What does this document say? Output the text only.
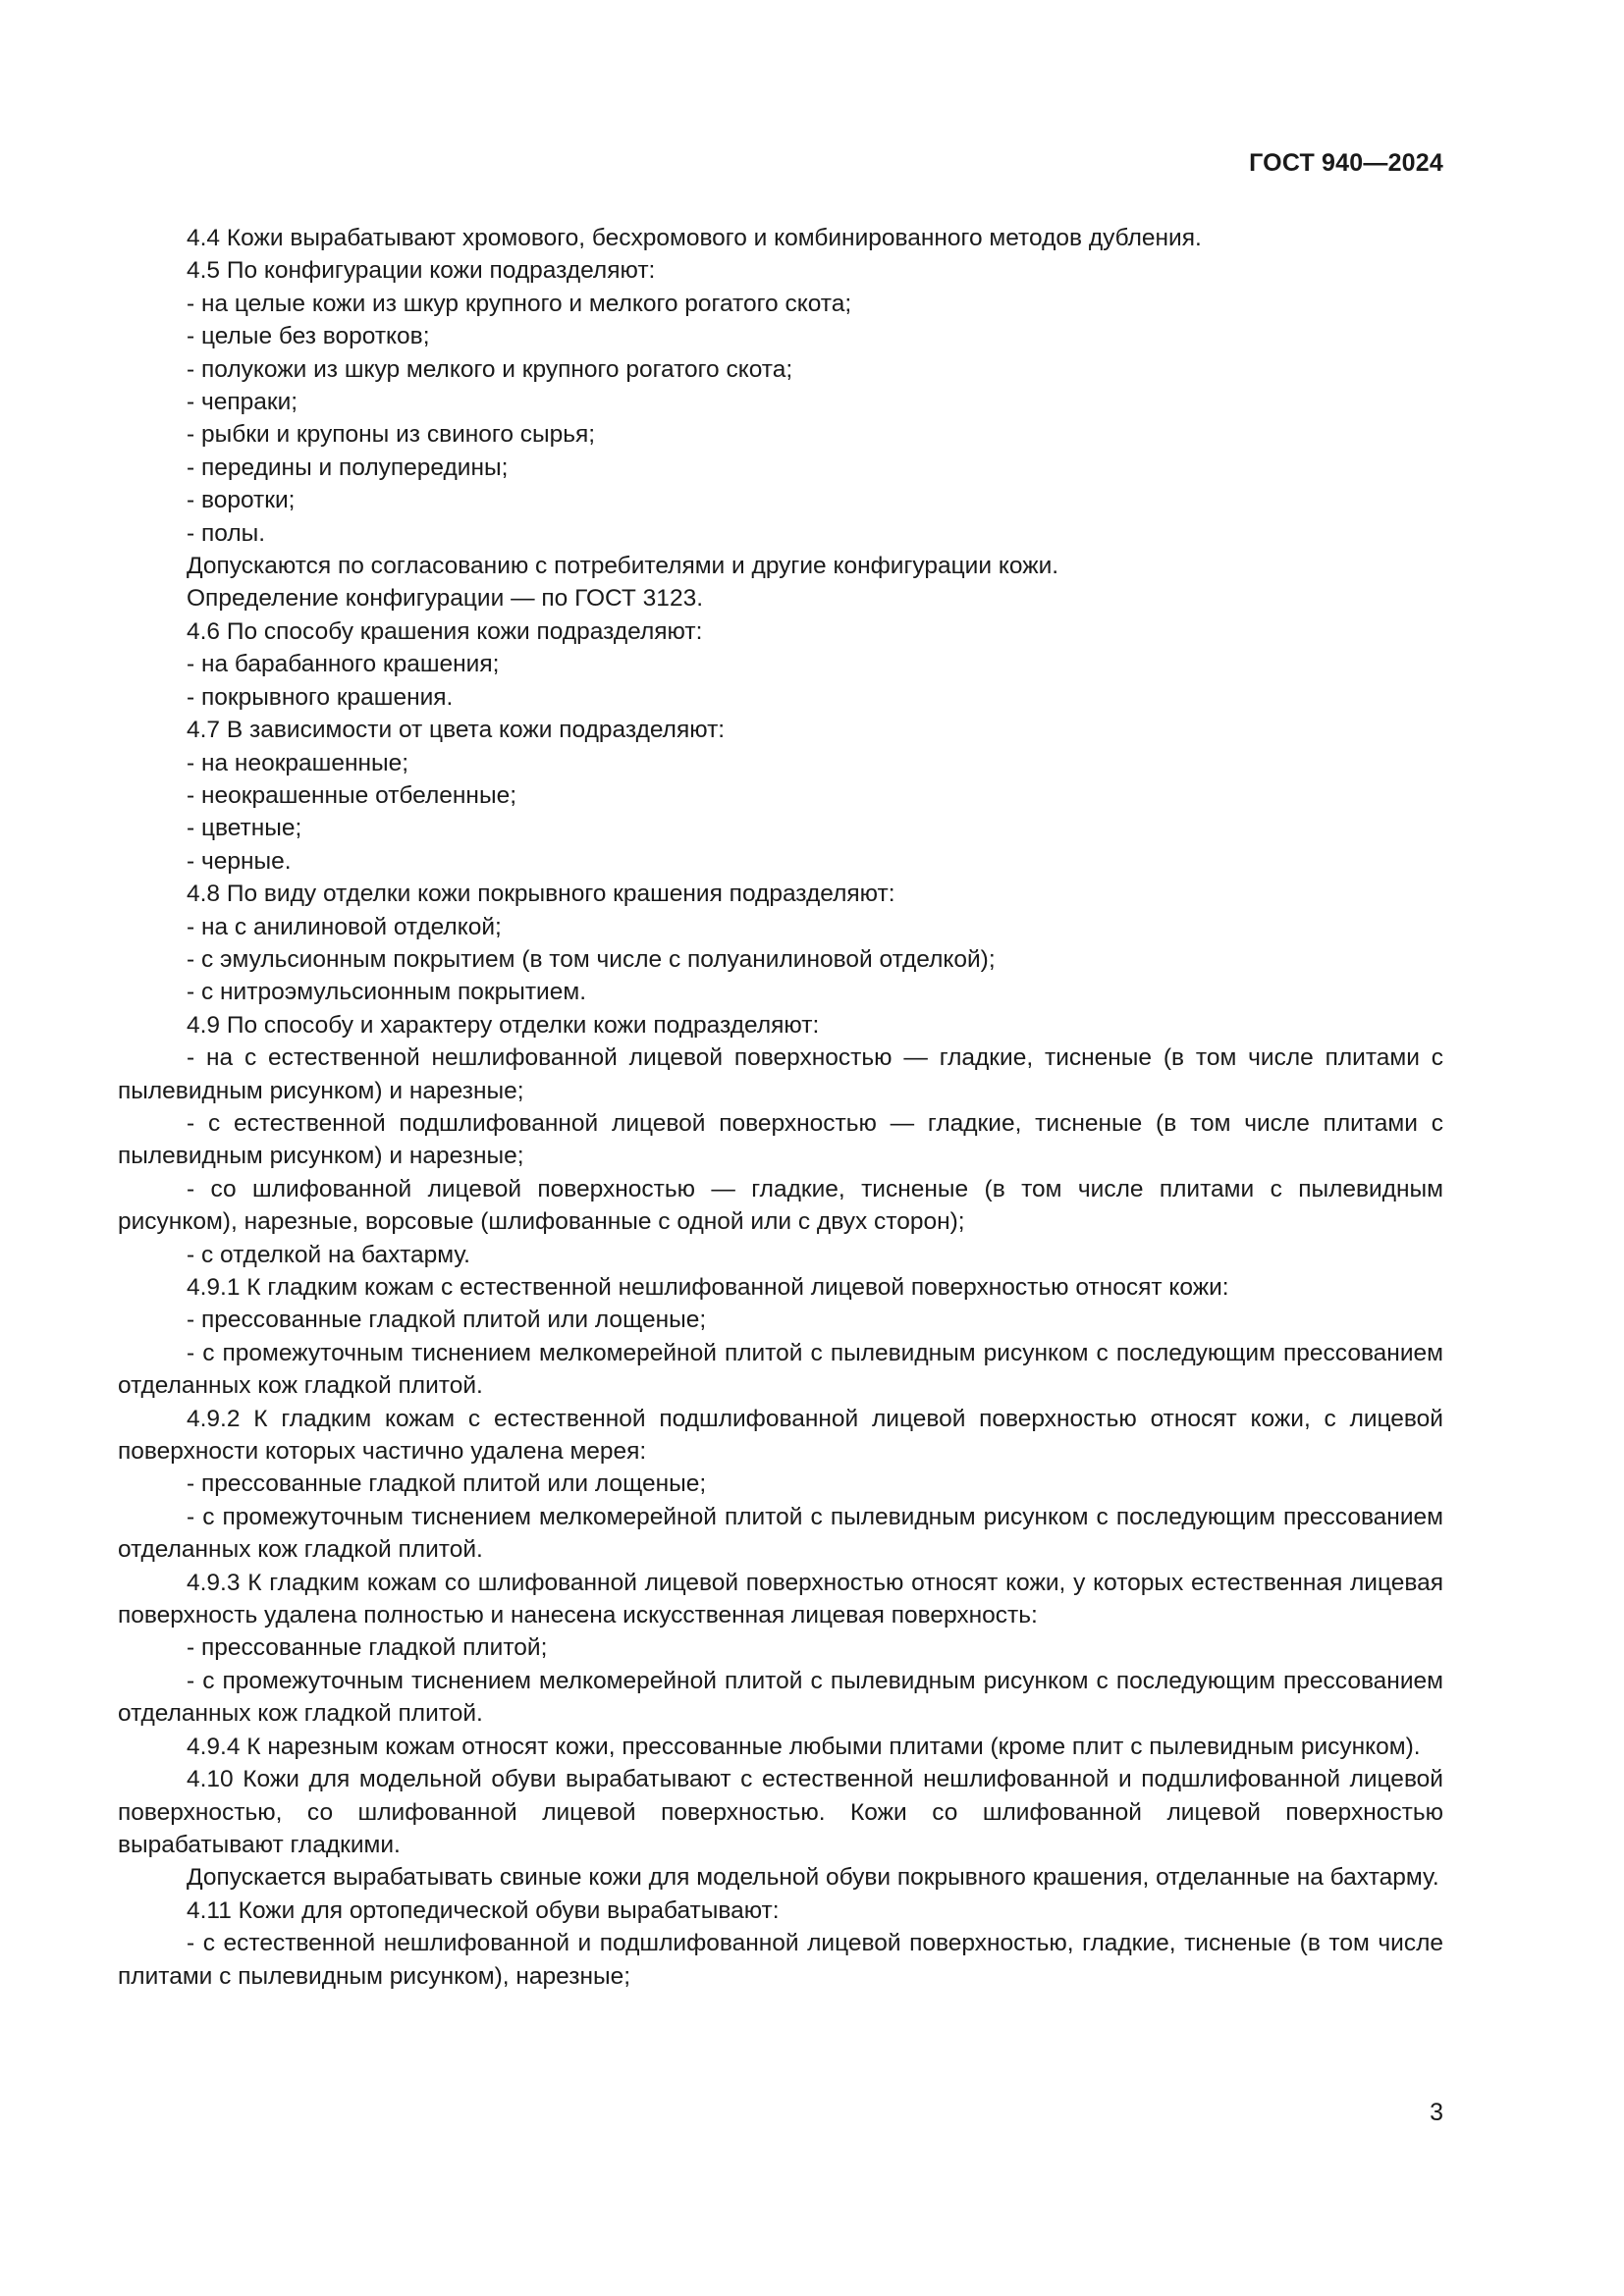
ГОСТ 940—2024

4.4 Кожи вырабатывают хромового, бесхромового и комбинированного методов дубления.

4.5 По конфигурации кожи подразделяют:

- на целые кожи из шкур крупного и мелкого рогатого скота;

- целые без воротков;

- полукожи из шкур мелкого и крупного рогатого скота;

- чепраки;

- рыбки и крупоны из свиного сырья;

- передины и полупередины;

- воротки;

- полы.

Допускаются по согласованию с потребителями и другие конфигурации кожи.

Определение конфигурации — по ГОСТ 3123.

4.6 По способу крашения кожи подразделяют:

- на барабанного крашения;

- покрывного крашения.

4.7 В зависимости от цвета кожи подразделяют:

- на неокрашенные;

- неокрашенные отбеленные;

- цветные;

- черные.

4.8 По виду отделки кожи покрывного крашения подразделяют:

- на с анилиновой отделкой;

- с эмульсионным покрытием (в том числе с полуанилиновой отделкой);

- с нитроэмульсионным покрытием.

4.9 По способу и характеру отделки кожи подразделяют:

- на с естественной нешлифованной лицевой поверхностью — гладкие, тисненые (в том числе плитами с пылевидным рисунком) и нарезные;

- с естественной подшлифованной лицевой поверхностью — гладкие, тисненые (в том числе плитами с пылевидным рисунком) и нарезные;

- со шлифованной лицевой поверхностью — гладкие, тисненые (в том числе плитами с пылевидным рисунком), нарезные, ворсовые (шлифованные с одной или с двух сторон);

- с отделкой на бахтарму.

4.9.1 К гладким кожам с естественной нешлифованной лицевой поверхностью относят кожи:

- прессованные гладкой плитой или лощеные;

- с промежуточным тиснением мелкомерейной плитой с пылевидным рисунком с последующим прессованием отделанных кож гладкой плитой.

4.9.2 К гладким кожам с естественной подшлифованной лицевой поверхностью относят кожи, с лицевой поверхности которых частично удалена мерея:

- прессованные гладкой плитой или лощеные;

- с промежуточным тиснением мелкомерейной плитой с пылевидным рисунком с последующим прессованием отделанных кож гладкой плитой.

4.9.3 К гладким кожам со шлифованной лицевой поверхностью относят кожи, у которых естественная лицевая поверхность удалена полностью и нанесена искусственная лицевая поверхность:

- прессованные гладкой плитой;

- с промежуточным тиснением мелкомерейной плитой с пылевидным рисунком с последующим прессованием отделанных кож гладкой плитой.

4.9.4 К нарезным кожам относят кожи, прессованные любыми плитами (кроме плит с пылевидным рисунком).

4.10 Кожи для модельной обуви вырабатывают с естественной нешлифованной и подшлифованной лицевой поверхностью, со шлифованной лицевой поверхностью. Кожи со шлифованной лицевой поверхностью вырабатывают гладкими.

Допускается вырабатывать свиные кожи для модельной обуви покрывного крашения, отделанные на бахтарму.

4.11 Кожи для ортопедической обуви вырабатывают:

- с естественной нешлифованной и подшлифованной лицевой поверхностью, гладкие, тисненые (в том числе плитами с пылевидным рисунком), нарезные;

3
